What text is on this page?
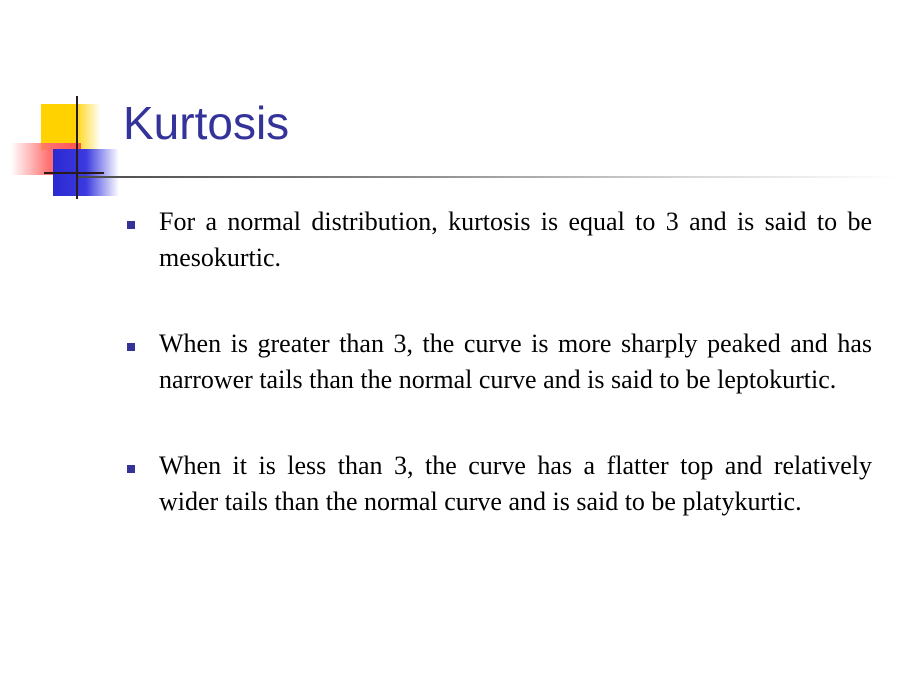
Kurtosis
For a normal distribution, kurtosis is equal to 3 and is said to be mesokurtic.
When is greater than 3, the curve is more sharply peaked and has narrower tails than the normal curve and is said to be leptokurtic.
When it is less than 3, the curve has a flatter top and relatively wider tails than the normal curve and is said to be platykurtic.
